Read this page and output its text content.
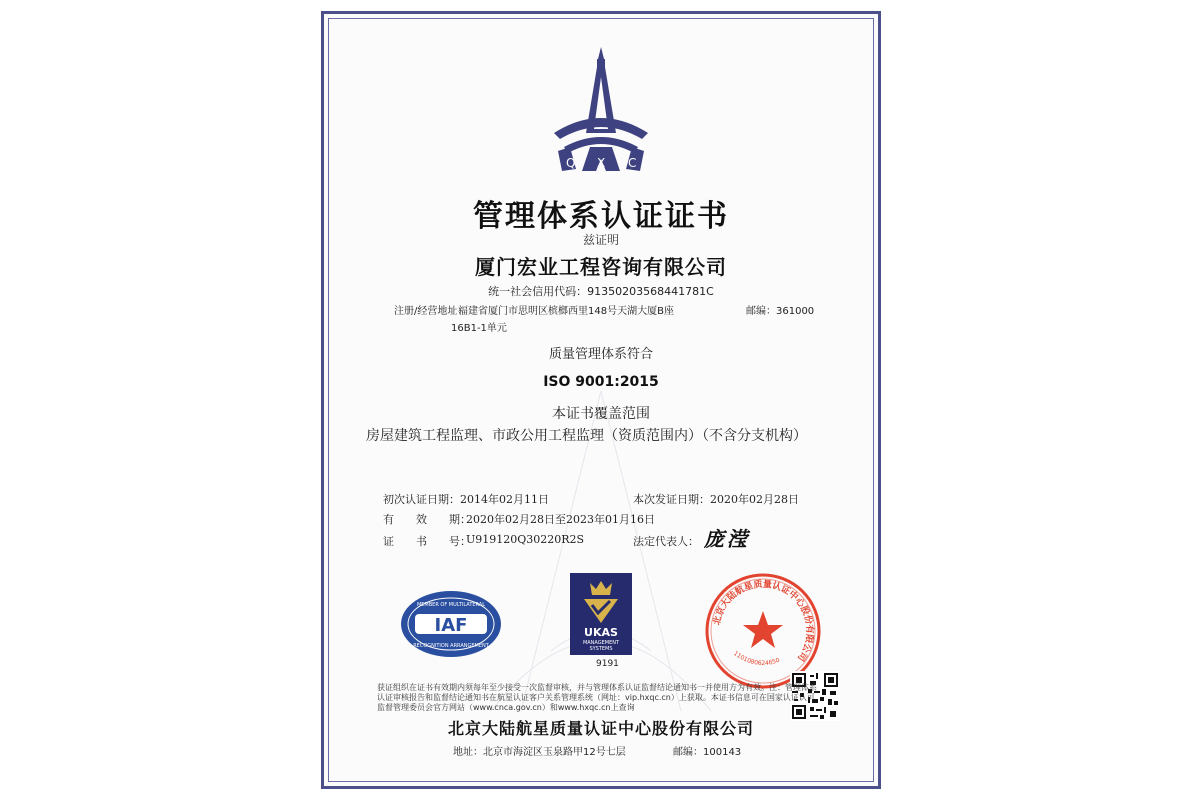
Q X C
管理体系认证证书
兹证明
厦门宏业工程咨询有限公司
统一社会信用代码：91350203568441781C
注册/经营地址：
福建省厦门市思明区槟榔西里148号天湖大厦B座
16B1-1单元
邮编：361000
质量管理体系符合
ISO 9001:2015
本证书覆盖范围
房屋建筑工程监理、市政公用工程监理（资质范围内）（不含分支机构）
初次认证日期：2014年02月11日	本次发证日期：2020年02月28日
有　　效　　期：
2020年02月28日至2023年01月16日
证　　书　　号：
U919120Q30220R2S	法定代表人： 庞滢
IAF
MEMBER OF MULTILATERAL
RECOGNITION ARRANGEMENT
UKAS
MANAGEMENT
SYSTEMS
9191
北京大陆航星质量认证中心股份有限公司
1101080624650
获证组织在证书有效期内须每年至少接受一次监督审核，并与管理体系认证监督结论通知书一并使用方为有效。注：管理体系认证审核报告和监督结论通知书在航星认证客户关系管理系统（网址：vip.hxqc.cn）上获取。本证书信息可在国家认证认可监督管理委员会官方网站（www.cnca.gov.cn）和www.hxqc.cn上查询
北京大陆航星质量认证中心股份有限公司
地址：北京市海淀区玉泉路甲12号七层	邮编：100143
